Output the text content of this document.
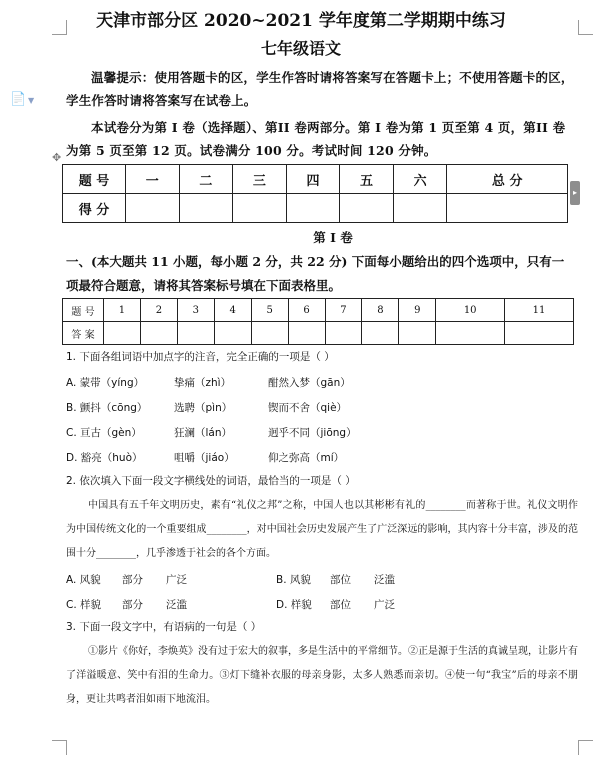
📄 ▼
✥
▸
天津市部分区 2020~2021 学年度第二学期期中练习
七年级语文
温馨提示：使用答题卡的区，学生作答时请将答案写在答题卡上；不使用答题卡的区，学生作答时请将答案写在试卷上。
本试卷分为第 I 卷（选择题）、第II 卷两部分。第 I 卷为第 1 页至第 4 页，第II 卷为第 5 页至第 12 页。试卷满分 100 分。考试时间 120 分钟。
题 号	一	二	三	四	五	六	总 分
得 分							
第 I 卷
一、(本大题共 11 小题，每小题 2 分，共 22 分) 下面每小题给出的四个选项中，只有一项最符合题意，请将其答案标号填在下面表格里。
题 号	1	2	3	4	5	6	7	8	9	10	11
答 案											
1. 下面各组词语中加点字的注音，完全正确的一项是（ ）
A. 蒙带（yíng）	挚痛（zhì）	酣然入梦（gān）
B. 颤抖（cōng）	选聘（pìn）	锲而不舍（qiè）
C. 亘古（gèn）	狂澜（lán）	迥乎不同（jiōng）
D. 豁亮（huò）	咀嚼（jiáo）	仰之弥高（mí）
2. 依次填入下面一段文字横线处的词语，最恰当的一项是（ ）
中国具有五千年文明历史，素有“礼仪之邦”之称，中国人也以其彬彬有礼的________而著称于世。礼仪文明作为中国传统文化的一个重要组成________，对中国社会历史发展产生了广泛深远的影响，其内容十分丰富，涉及的范围十分________，几乎渗透于社会的各个方面。
A. 风貌 部分 广泛	B. 风貌 部位 泛滥
C. 样貌 部分 泛滥	D. 样貌 部位 广泛
3. 下面一段文字中，有语病的一句是（ ）
①影片《你好，李焕英》没有过于宏大的叙事，多是生活中的平常细节。②正是源于生活的真诚呈现，让影片有了洋溢暖意、笑中有泪的生命力。③灯下缝补衣服的母亲身影，太多人熟悉而亲切。④使一句“我宝”后的母亲不朋身，更让共鸣者泪如雨下地流泪。
